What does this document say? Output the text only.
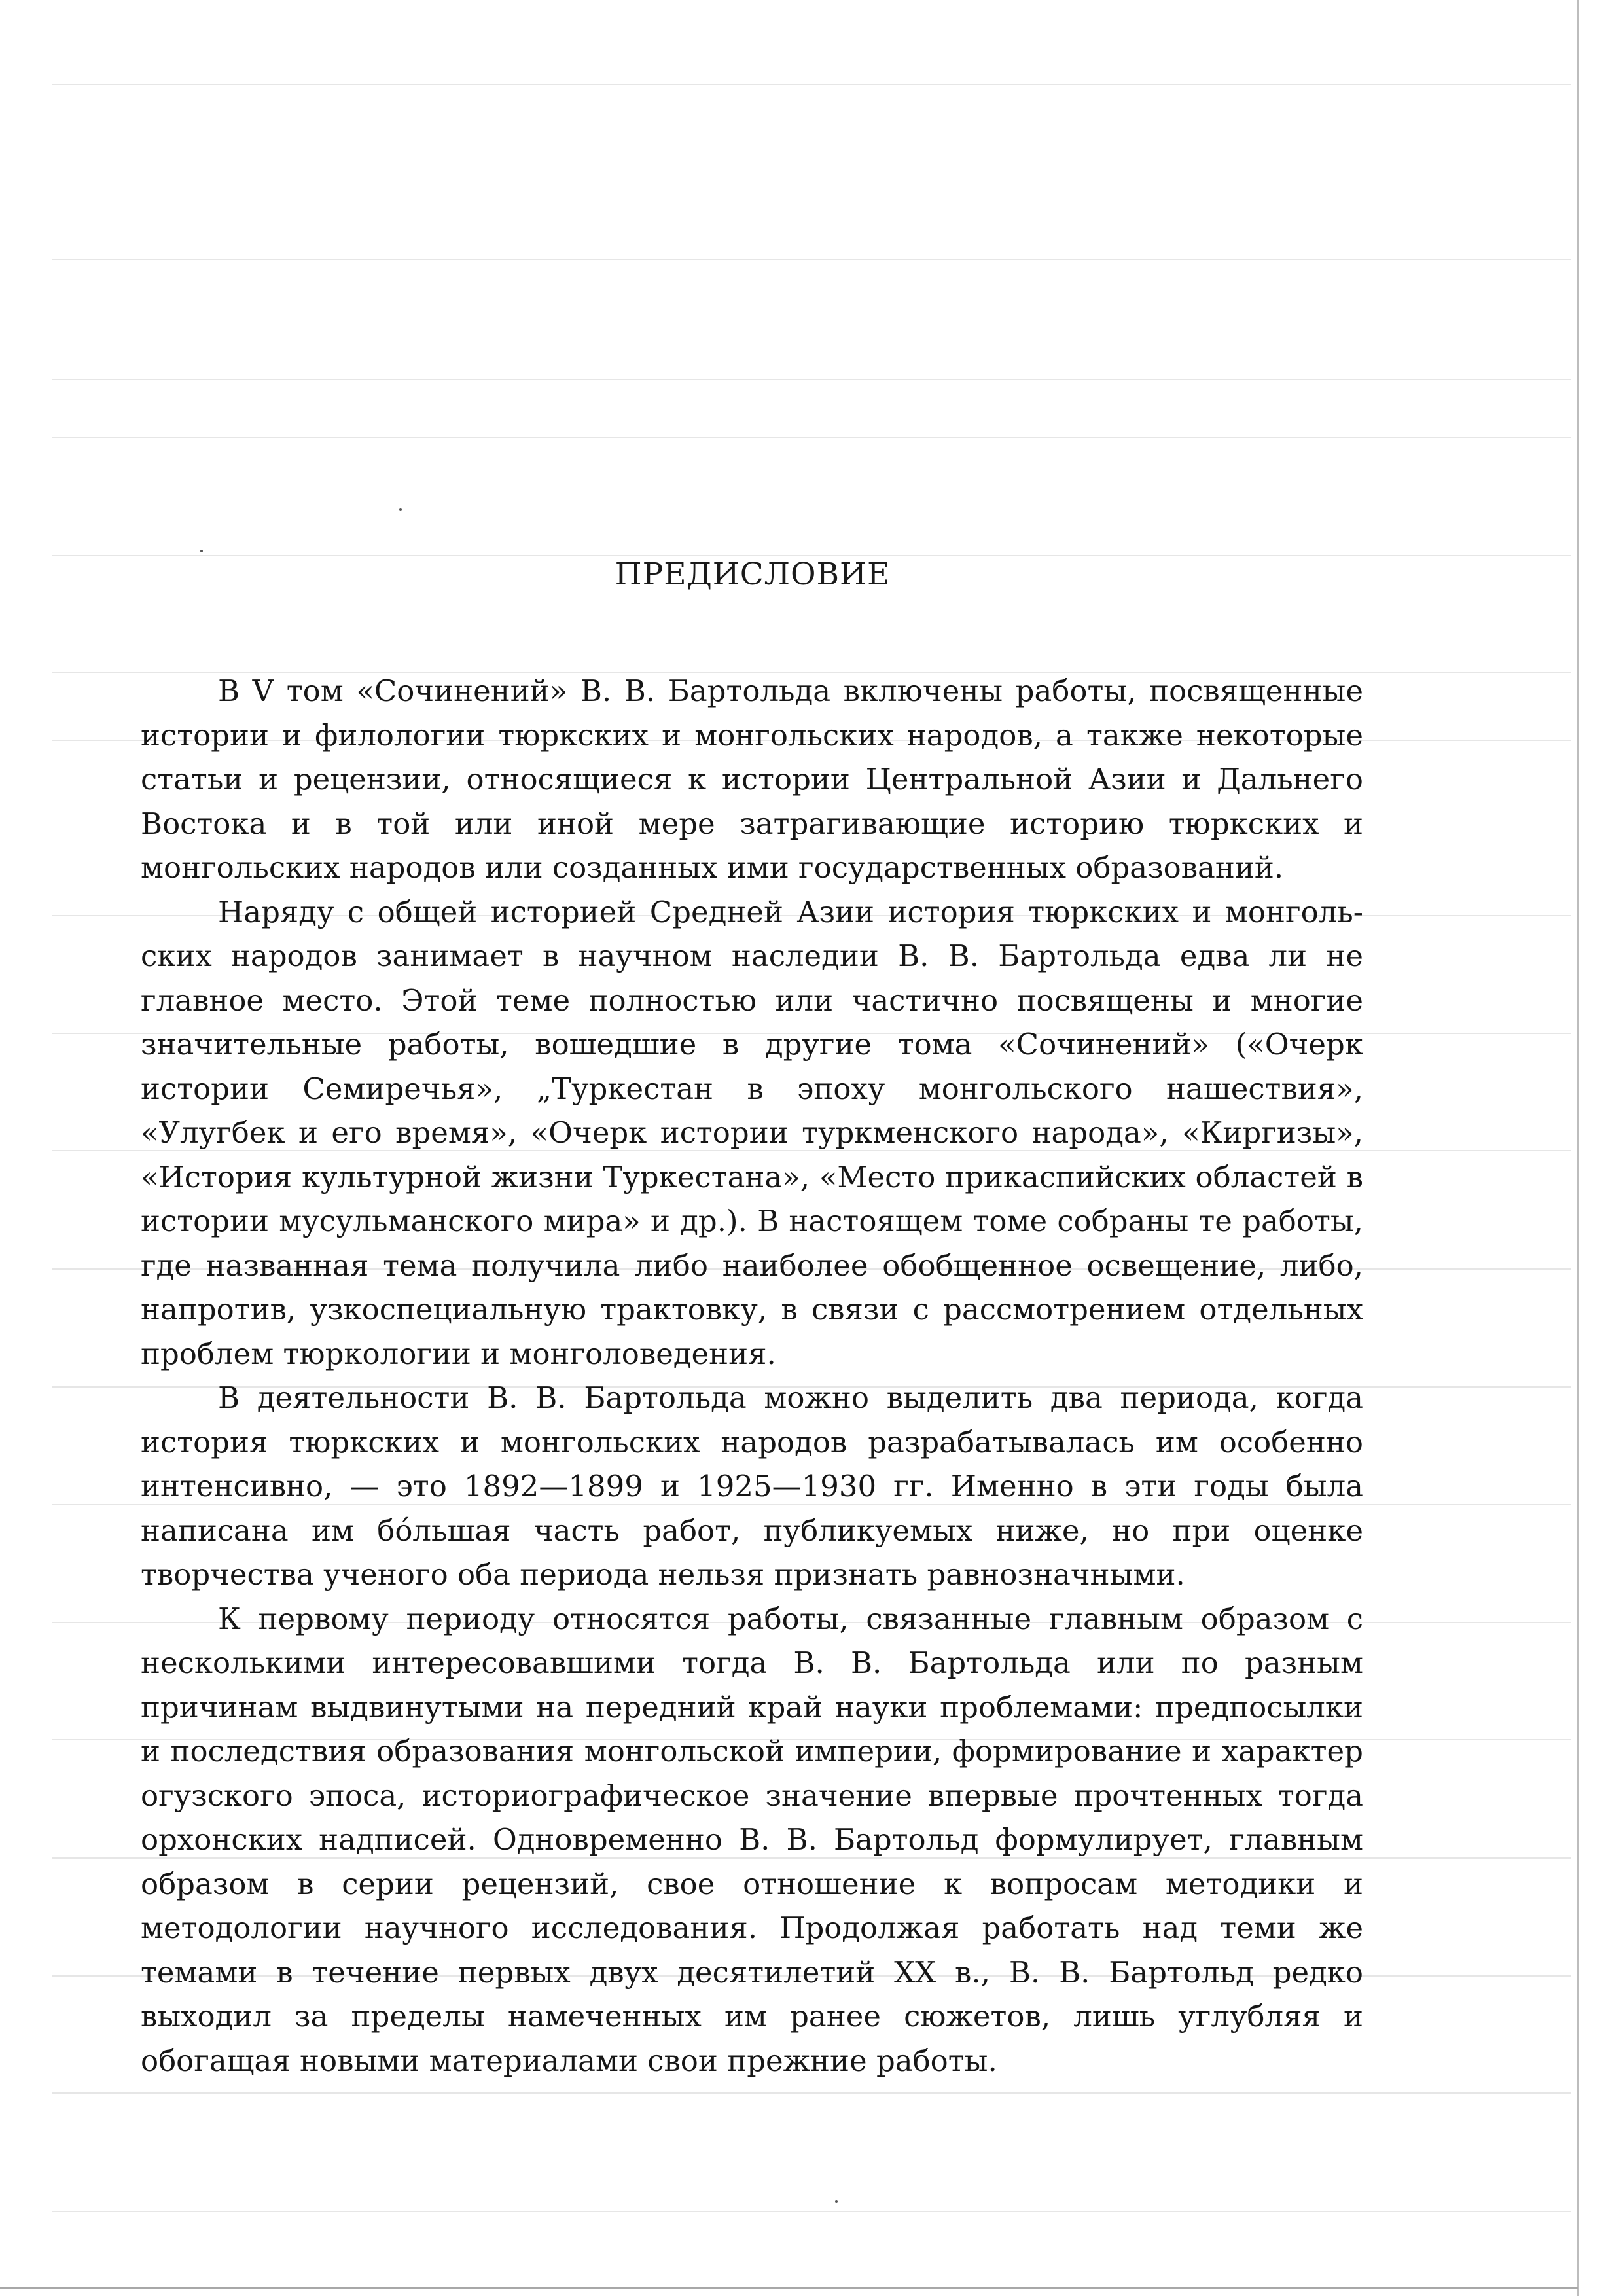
ПРЕДИСЛОВИЕ

В V том «Сочинений» В. В. Бартольда включены работы, посвященные истории и филологии тюркских и монгольских народов, а также некоторые статьи и рецензии, относящиеся к истории Центральной Азии и Дальнего Востока и в той или иной мере затрагивающие историю тюркских и монгольских народов или созданных ими государственных образований.

Наряду с общей историей Средней Азии история тюркских и монгольских народов занимает в научном наследии В. В. Бартольда едва ли не главное место. Этой теме полностью или частично посвящены и многие значительные работы, вошедшие в другие тома «Сочинений» («Очерк истории Семиречья», „Туркестан в эпоху монгольского нашествия», «Улугбек и его время», «Очерк истории туркменского народа», «Киргизы», «История культурной жизни Туркестана», «Место прикаспийских областей в истории мусульманского мира» и др.). В настоящем томе собраны те работы, где названная тема получила либо наиболее обобщенное освещение, либо, напротив, узкоспециальную трактовку, в связи с рассмотрением отдельных проблем тюркологии и монголоведения.

В деятельности В. В. Бартольда можно выделить два периода, когда история тюркских и монгольских народов разрабатывалась им особенно интенсивно, — это 1892—1899 и 1925—1930 гг. Именно в эти годы была написана им бóльшая часть работ, публикуемых ниже, но при оценке творчества ученого оба периода нельзя признать равнозначными.

К первому периоду относятся работы, связанные главным образом с несколькими интересовавшими тогда В. В. Бартольда или по разным причинам выдвинутыми на передний край науки проблемами: предпосылки и последствия образования монгольской империи, формирование и характер огузского эпоса, историографическое значение впервые прочтенных тогда орхонских надписей. Одновременно В. В. Бартольд формулирует, главным образом в серии рецензий, свое отношение к вопросам методики и методологии научного исследования. Продолжая работать над теми же темами в течение первых двух десятилетий XX в., В. В. Бартольд редко выходил за пределы намеченных им ранее сюжетов, лишь углубляя и обогащая новыми материалами свои прежние работы.
